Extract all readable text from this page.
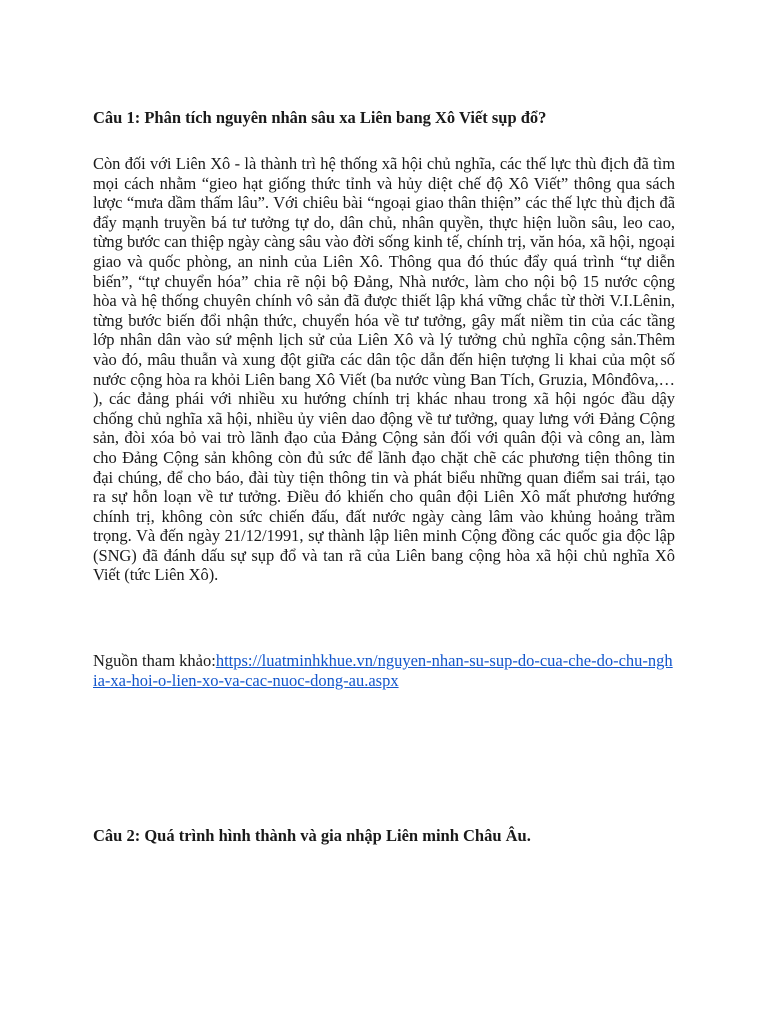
Câu 1: Phân tích nguyên nhân sâu xa Liên bang Xô Viết sụp đổ?

Còn đối với Liên Xô - là thành trì hệ thống xã hội chủ nghĩa, các thế lực thù địch đã tìm mọi cách nhằm “gieo hạt giống thức tỉnh và hủy diệt chế độ Xô Viết” thông qua sách lược “mưa dầm thấm lâu”. Với chiêu bài “ngoại giao thân thiện” các thế lực thù địch đã đẩy mạnh truyền bá tư tưởng tự do, dân chủ, nhân quyền, thực hiện luồn sâu, leo cao, từng bước can thiệp ngày càng sâu vào đời sống kinh tế, chính trị, văn hóa, xã hội, ngoại giao và quốc phòng, an ninh của Liên Xô. Thông qua đó thúc đẩy quá trình “tự diễn biến”, “tự chuyển hóa” chia rẽ nội bộ Đảng, Nhà nước, làm cho nội bộ 15 nước cộng hòa và hệ thống chuyên chính vô sản đã được thiết lập khá vững chắc từ thời V.I.Lênin, từng bước biến đổi nhận thức, chuyển hóa về tư tưởng, gây mất niềm tin của các tầng lớp nhân dân vào sứ mệnh lịch sử của Liên Xô và lý tưởng chủ nghĩa cộng sản.Thêm vào đó, mâu thuẫn và xung đột giữa các dân tộc dẫn đến hiện tượng li khai của một số nước cộng hòa ra khỏi Liên bang Xô Viết (ba nước vùng Ban Tích, Gruzia, Mônđôva,… ), các đảng phái với nhiều xu hướng chính trị khác nhau trong xã hội ngóc đầu dậy chống chủ nghĩa xã hội, nhiều ủy viên dao động về tư tưởng, quay lưng với Đảng Cộng sản, đòi xóa bỏ vai trò lãnh đạo của Đảng Cộng sản đối với quân đội và công an, làm cho Đảng Cộng sản không còn đủ sức để lãnh đạo chặt chẽ các phương tiện thông tin đại chúng, để cho báo, đài tùy tiện thông tin và phát biểu những quan điểm sai trái, tạo ra sự hỗn loạn về tư tưởng. Điều đó khiến cho quân đội Liên Xô mất phương hướng chính trị, không còn sức chiến đấu, đất nước ngày càng lâm vào khủng hoảng trầm trọng. Và đến ngày 21/12/1991, sự thành lập liên minh Cộng đồng các quốc gia độc lập (SNG) đã đánh dấu sự sụp đổ và tan rã của Liên bang cộng hòa xã hội chủ nghĩa Xô Viết (tức Liên Xô).

Nguồn tham khảo:https://luatminhkhue.vn/nguyen-nhan-su-sup-do-cua-che-do-chu-nghia-xa-hoi-o-lien-xo-va-cac-nuoc-dong-au.aspx

Câu 2: Quá trình hình thành và gia nhập Liên minh Châu Âu.
